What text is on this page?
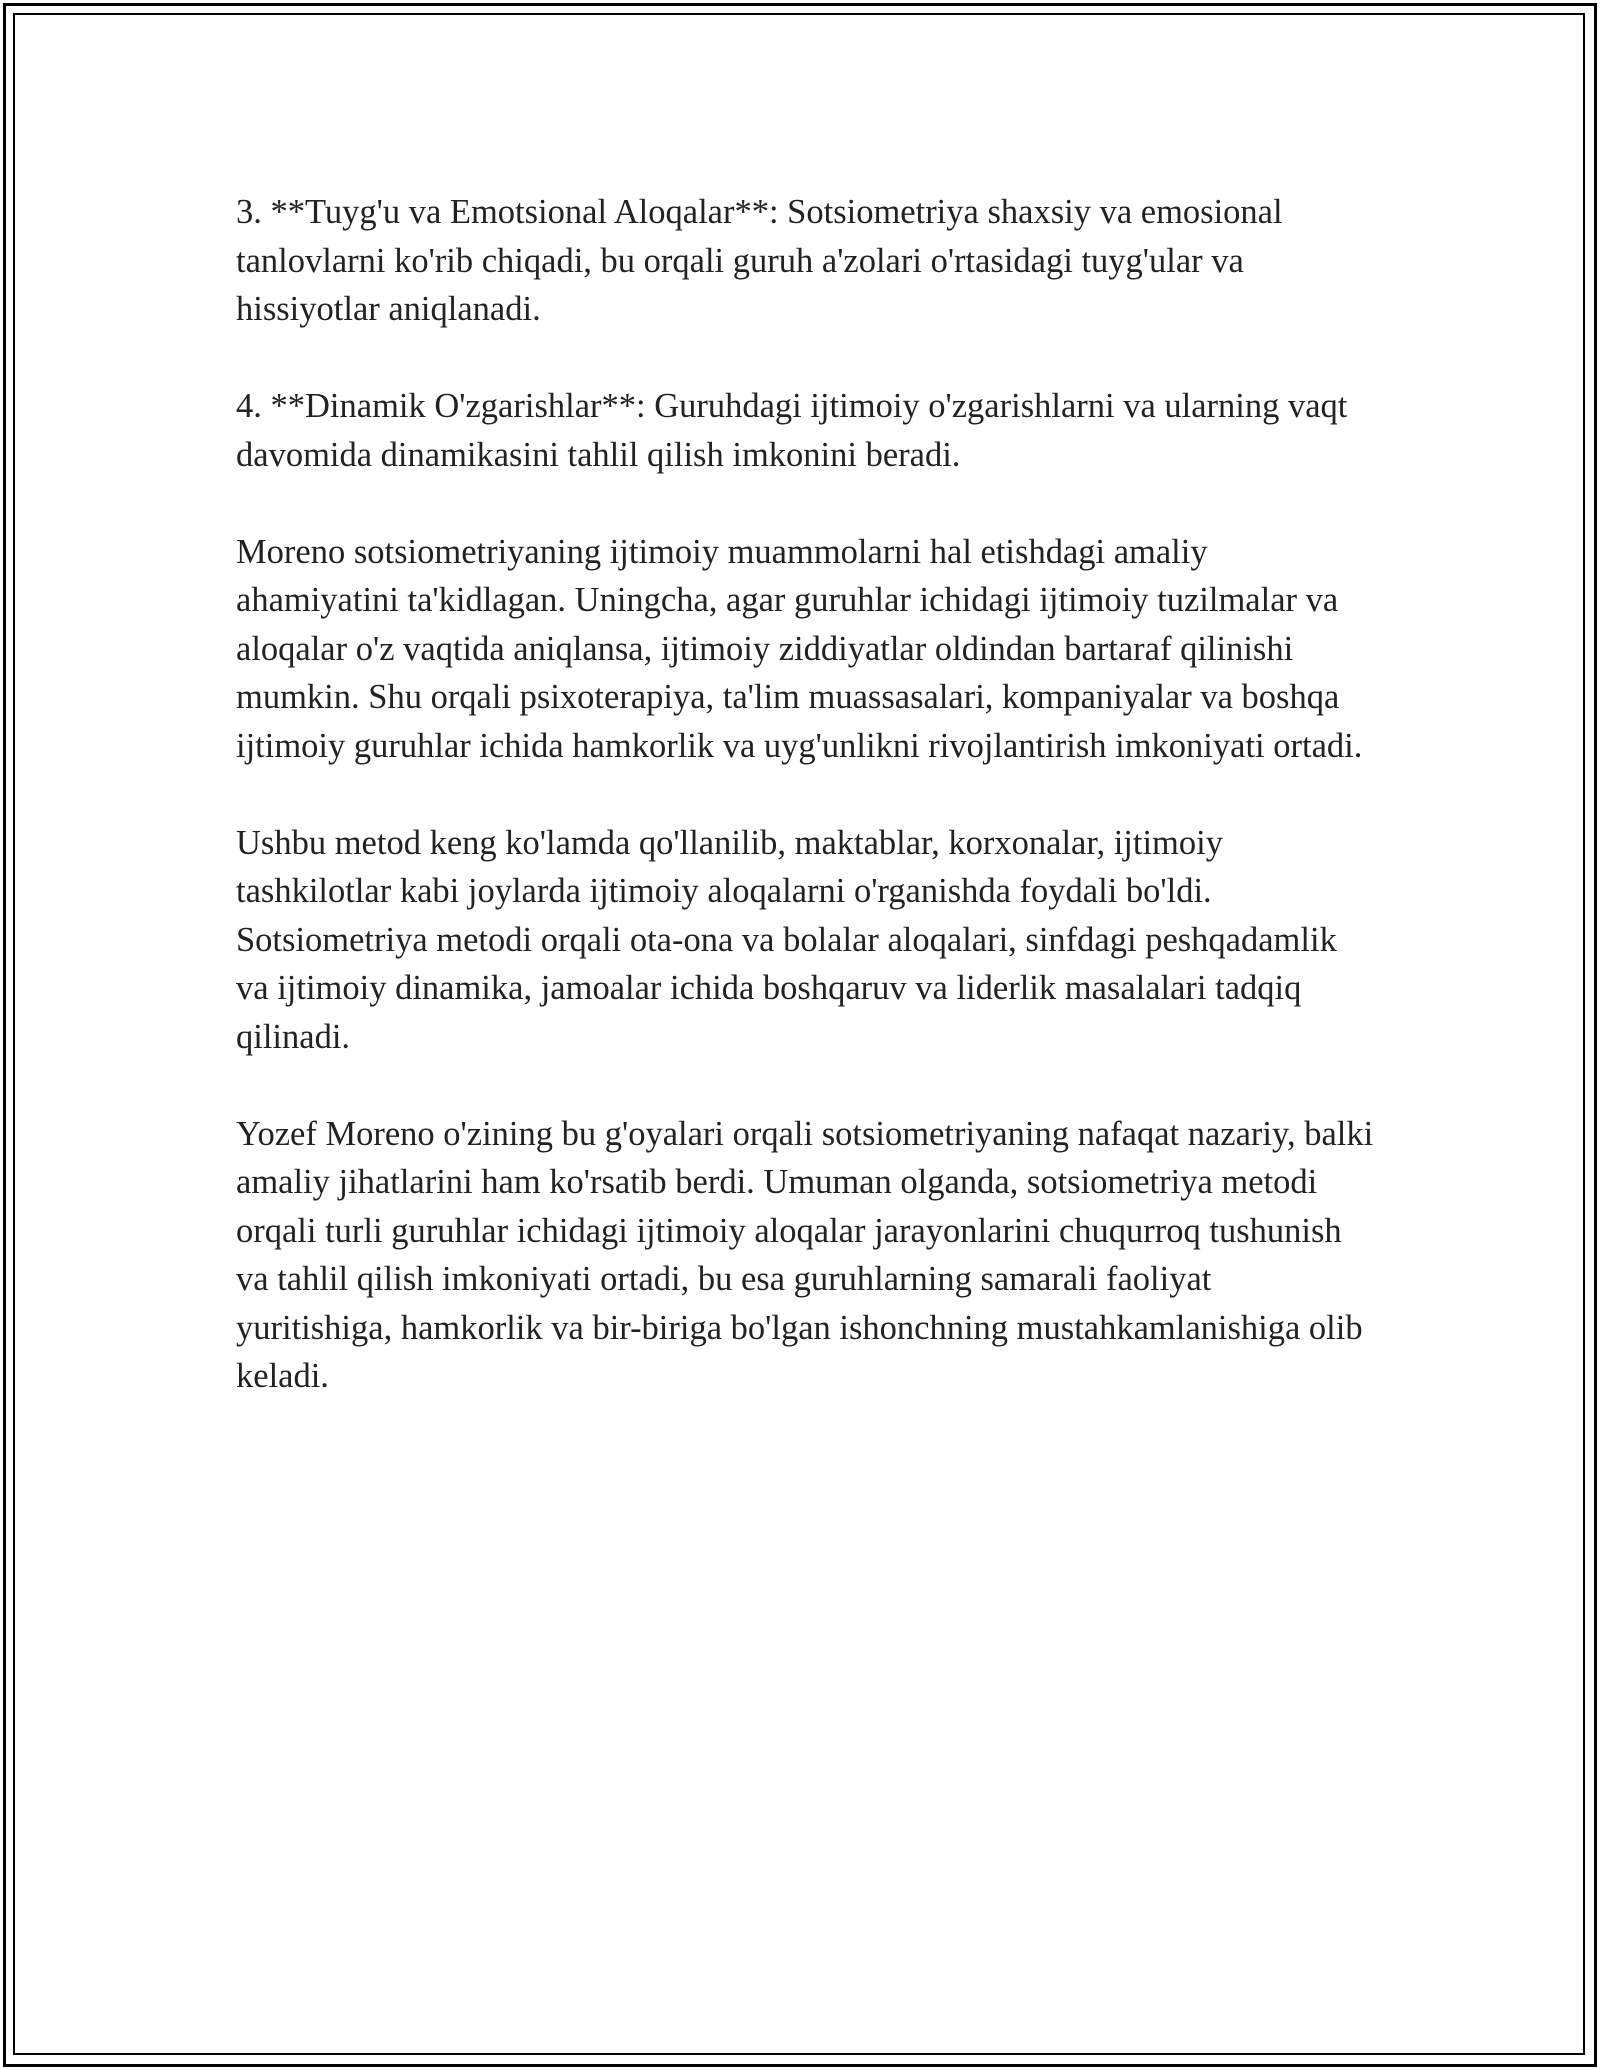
3. **Tuyg'u va Emotsional Aloqalar**: Sotsiometriya shaxsiy va emosional tanlovlarni ko'rib chiqadi, bu orqali guruh a'zolari o'rtasidagi tuyg'ular va hissiyotlar aniqlanadi.

4. **Dinamik O'zgarishlar**: Guruhdagi ijtimoiy o'zgarishlarni va ularning vaqt davomida dinamikasini tahlil qilish imkonini beradi.

Moreno sotsiometriyaning ijtimoiy muammolarni hal etishdagi amaliy ahamiyatini ta'kidlagan. Uningcha, agar guruhlar ichidagi ijtimoiy tuzilmalar va aloqalar o'z vaqtida aniqlansa, ijtimoiy ziddiyatlar oldindan bartaraf qilinishi mumkin. Shu orqali psixoterapiya, ta'lim muassasalari, kompaniyalar va boshqa ijtimoiy guruhlar ichida hamkorlik va uyg'unlikni rivojlantirish imkoniyati ortadi.

Ushbu metod keng ko'lamda qo'llanilib, maktablar, korxonalar, ijtimoiy tashkilotlar kabi joylarda ijtimoiy aloqalarni o'rganishda foydali bo'ldi. Sotsiometriya metodi orqali ota-ona va bolalar aloqalari, sinfdagi peshqadamlik va ijtimoiy dinamika, jamoalar ichida boshqaruv va liderlik masalalari tadqiq qilinadi.

Yozef Moreno o'zining bu g'oyalari orqali sotsiometriyaning nafaqat nazariy, balki amaliy jihatlarini ham ko'rsatib berdi. Umuman olganda, sotsiometriya metodi orqali turli guruhlar ichidagi ijtimoiy aloqalar jarayonlarini chuqurroq tushunish va tahlil qilish imkoniyati ortadi, bu esa guruhlarning samarali faoliyat yuritishiga, hamkorlik va bir-biriga bo'lgan ishonchning mustahkamlanishiga olib keladi.
